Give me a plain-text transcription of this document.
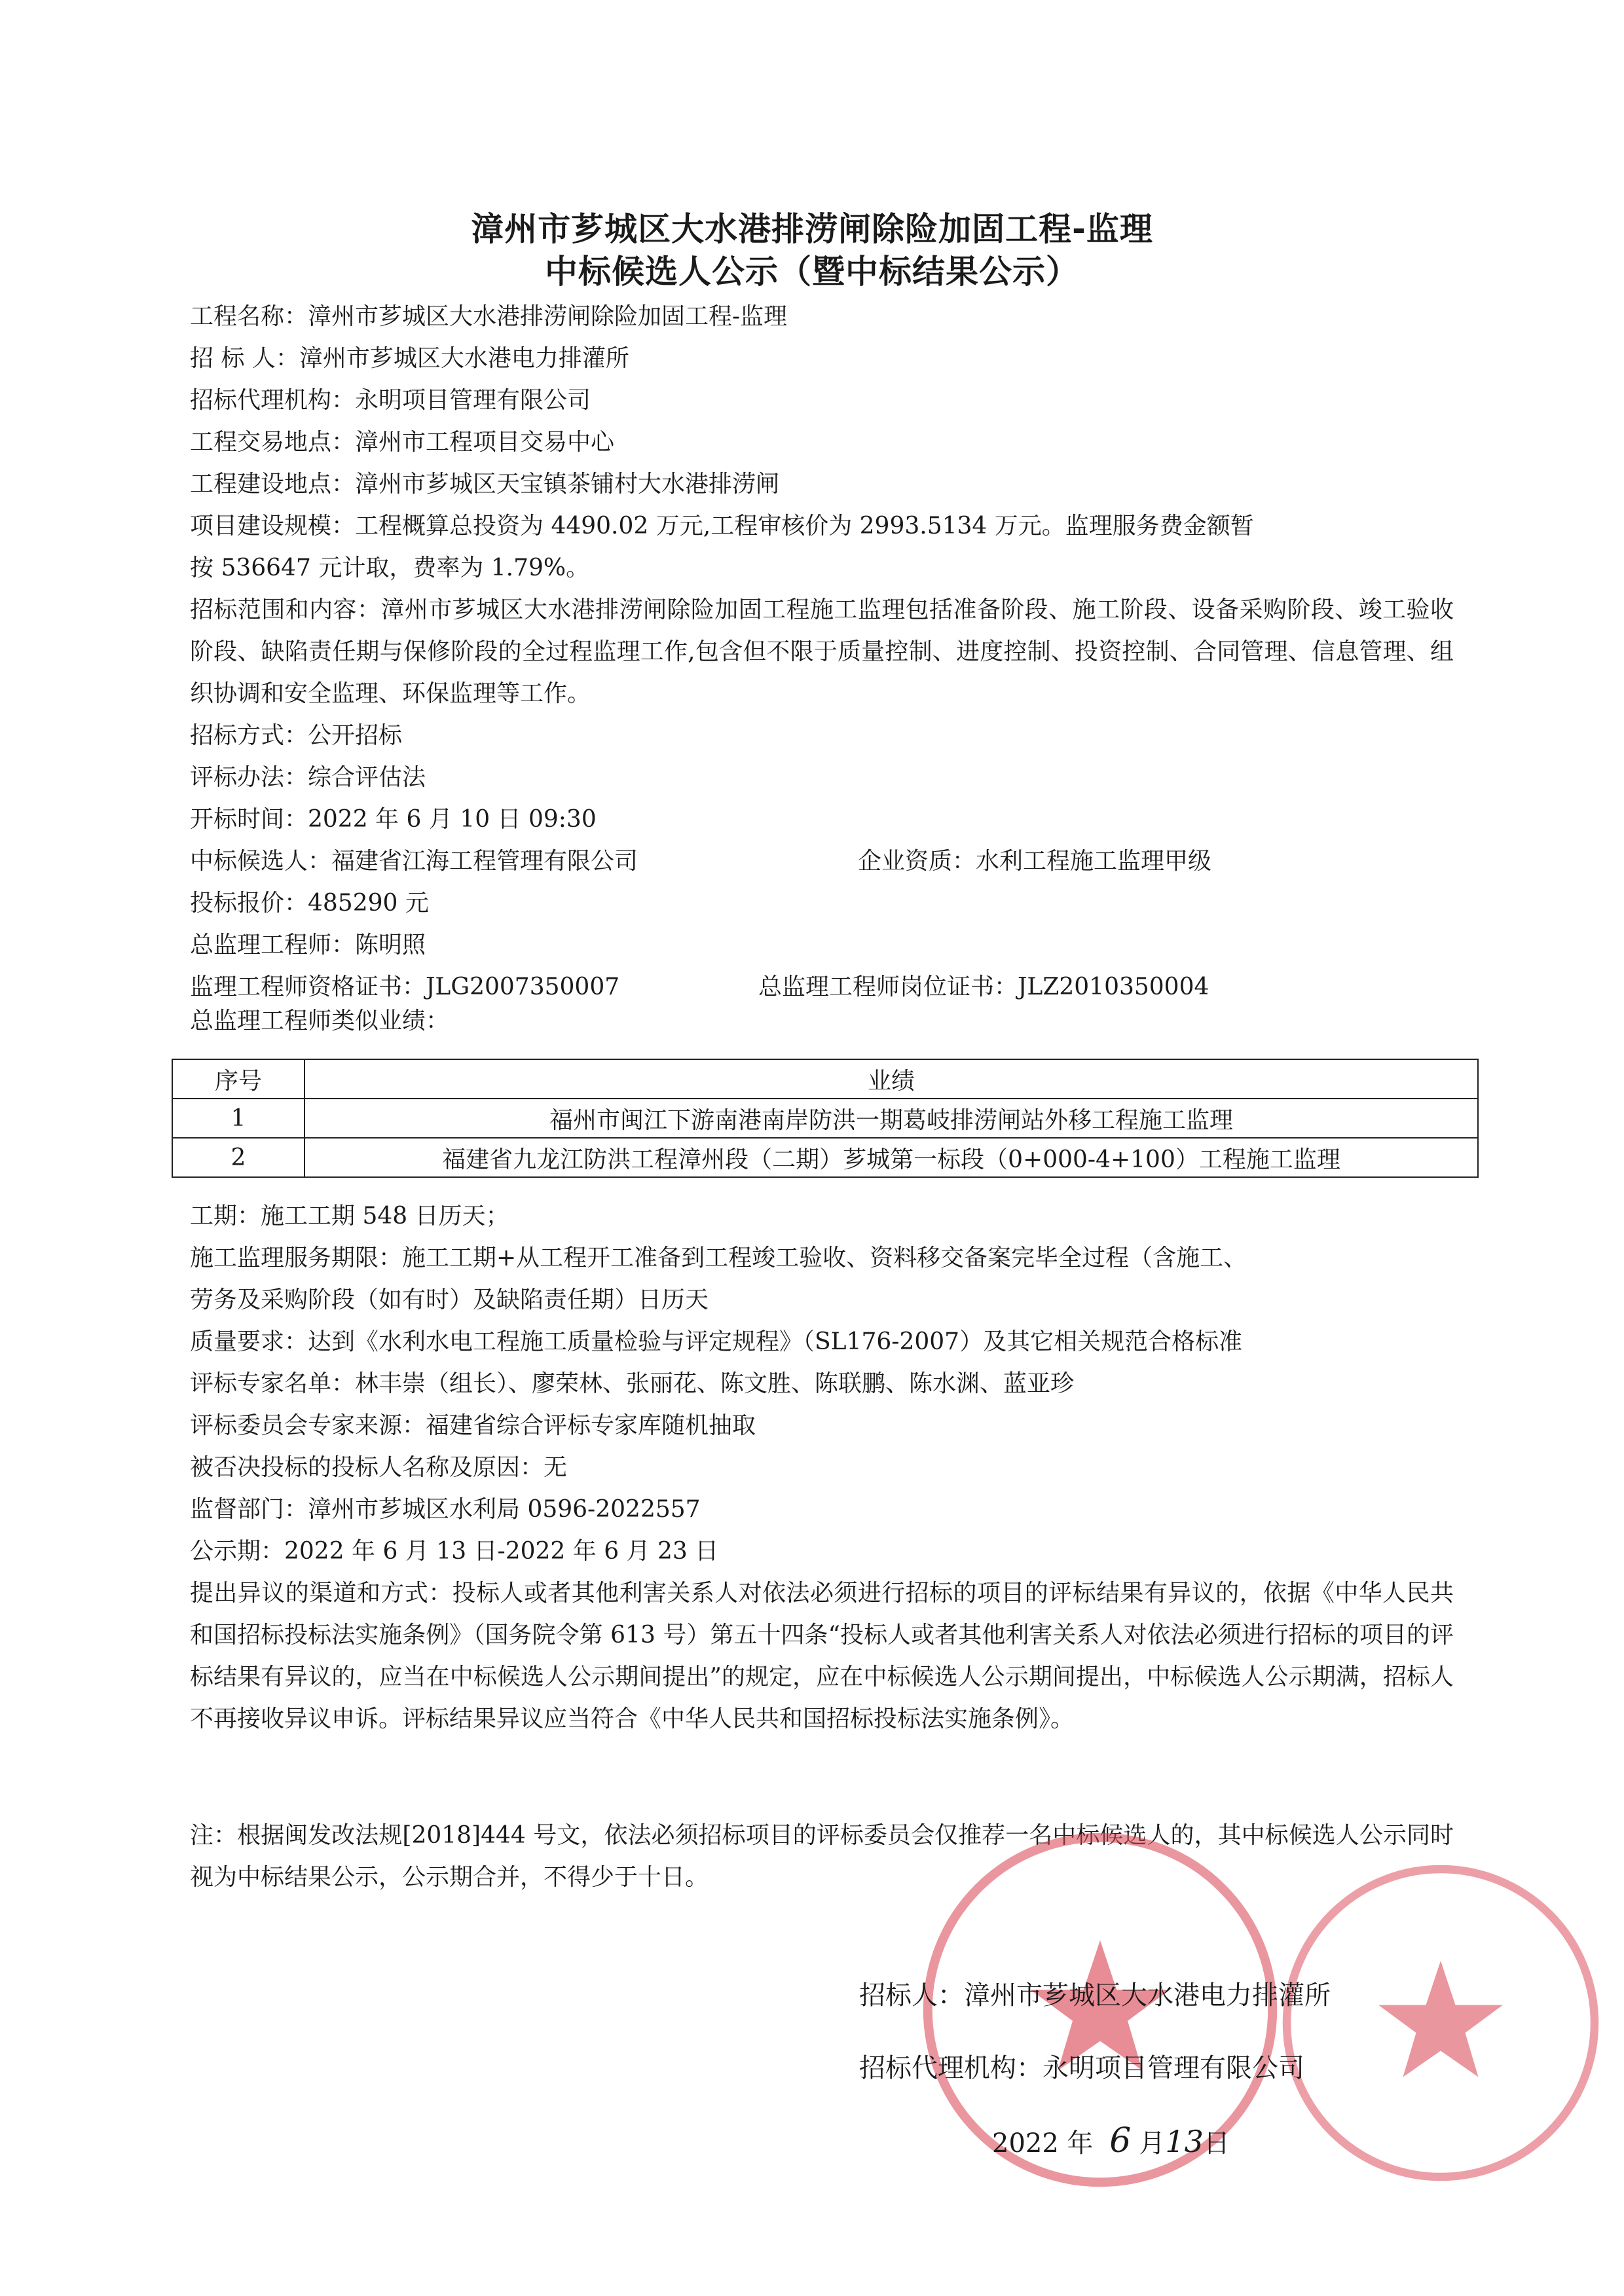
漳州市芗城区大水港排涝闸除险加固工程-监理
中标候选人公示（暨中标结果公示）
工程名称：漳州市芗城区大水港排涝闸除险加固工程-监理
招 标 人：漳州市芗城区大水港电力排灌所
招标代理机构：永明项目管理有限公司
工程交易地点：漳州市工程项目交易中心
工程建设地点：漳州市芗城区天宝镇茶铺村大水港排涝闸
项目建设规模：工程概算总投资为 4490.02 万元,工程审核价为 2993.5134 万元。监理服务费金额暂
按 536647 元计取，费率为 1.79%。
招标范围和内容：漳州市芗城区大水港排涝闸除险加固工程施工监理包括准备阶段、施工阶段、设备采购阶段、竣工验收阶段、缺陷责任期与保修阶段的全过程监理工作,包含但不限于质量控制、进度控制、投资控制、合同管理、信息管理、组织协调和安全监理、环保监理等工作。
招标方式：公开招标
评标办法：综合评估法
开标时间：2022 年 6 月 10 日 09:30
中标候选人：福建省江海工程管理有限公司	企业资质：水利工程施工监理甲级
投标报价：485290 元
总监理工程师：陈明照
监理工程师资格证书：JLG2007350007	总监理工程师岗位证书：JLZ2010350004
总监理工程师类似业绩：
序号	业绩
1	福州市闽江下游南港南岸防洪一期葛岐排涝闸站外移工程施工监理
2	福建省九龙江防洪工程漳州段（二期）芗城第一标段（0+000-4+100）工程施工监理
工期：施工工期 548 日历天；
施工监理服务期限：施工工期+从工程开工准备到工程竣工验收、资料移交备案完毕全过程（含施工、
劳务及采购阶段（如有时）及缺陷责任期）日历天
质量要求：达到《水利水电工程施工质量检验与评定规程》（SL176-2007）及其它相关规范合格标准
评标专家名单：林丰崇（组长）、廖荣林、张丽花、陈文胜、陈联鹏、陈水渊、蓝亚珍
评标委员会专家来源：福建省综合评标专家库随机抽取
被否决投标的投标人名称及原因：无
监督部门：漳州市芗城区水利局 0596-2022557
公示期：2022 年 6 月 13 日-2022 年 6 月 23 日
提出异议的渠道和方式：投标人或者其他利害关系人对依法必须进行招标的项目的评标结果有异议的，依据《中华人民共和国招标投标法实施条例》（国务院令第 613 号）第五十四条“投标人或者其他利害关系人对依法必须进行招标的项目的评标结果有异议的，应当在中标候选人公示期间提出”的规定，应在中标候选人公示期间提出，中标候选人公示期满，招标人不再接收异议申诉。评标结果异议应当符合《中华人民共和国招标投标法实施条例》。
注：根据闽发改法规[2018]444 号文，依法必须招标项目的评标委员会仅推荐一名中标候选人的，其中标候选人公示同时视为中标结果公示，公示期合并，不得少于十日。
招标人：漳州市芗城区大水港电力排灌所
招标代理机构：永明项目管理有限公司
2022 年 6 月13日
